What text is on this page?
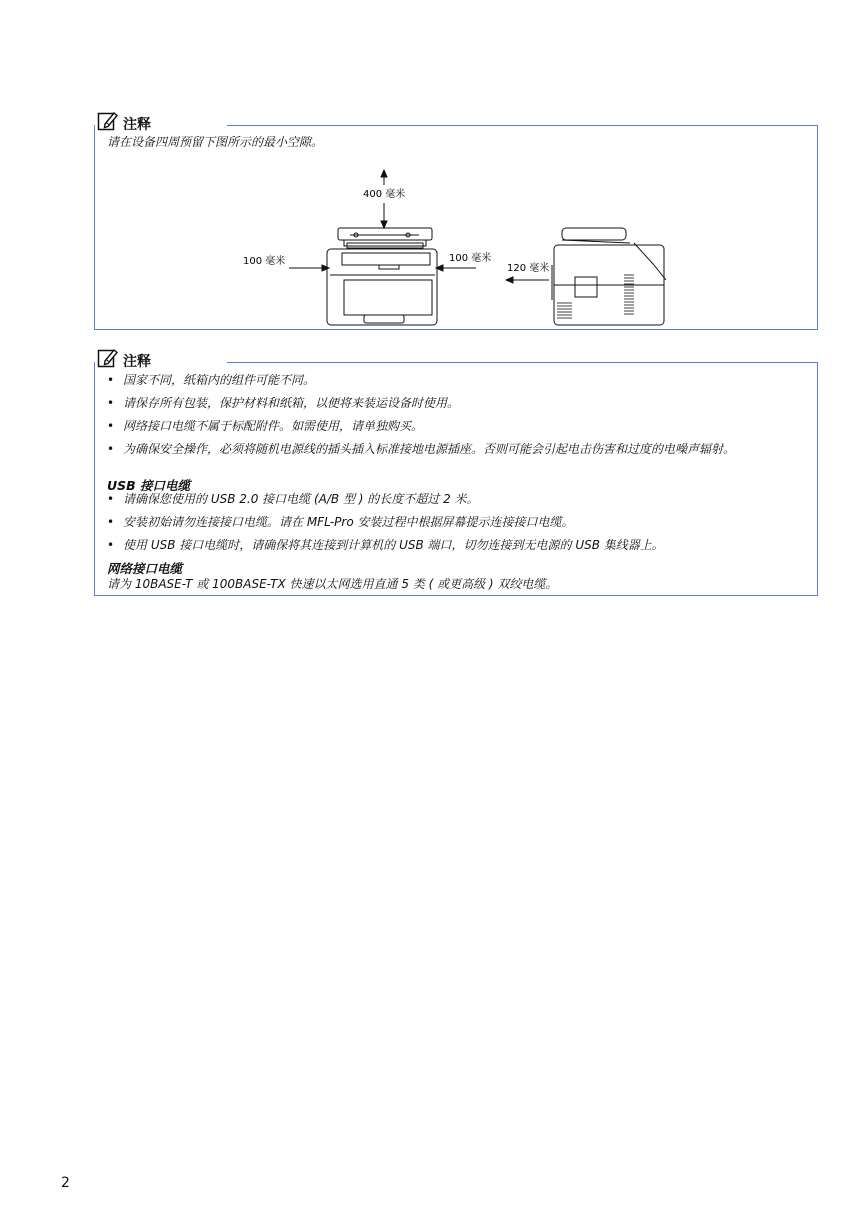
注释
请在设备四周预留下图所示的最小空隙。
400 毫米
100 毫米	100 毫米
120 毫米
注释
• 国家不同，纸箱内的组件可能不同。
• 请保存所有包装，保护材料和纸箱，以便将来装运设备时使用。
• 网络接口电缆不属于标配附件。如需使用，请单独购买。
• 为确保安全操作，必须将随机电源线的插头插入标准接地电源插座。否则可能会引起电击伤害和过度的电噪声辐射。
USB 接口电缆
• 请确保您使用的 USB 2.0 接口电缆 (A/B 型 ) 的长度不超过 2 米。
• 安装初始请勿连接接口电缆。请在 MFL-Pro 安装过程中根据屏幕提示连接接口电缆。
• 使用 USB 接口电缆时，请确保将其连接到计算机的 USB 端口，切勿连接到无电源的 USB 集线器上。
网络接口电缆
请为 10BASE-T 或 100BASE-TX 快速以太网选用直通 5 类 ( 或更高级 ) 双绞电缆。
2
